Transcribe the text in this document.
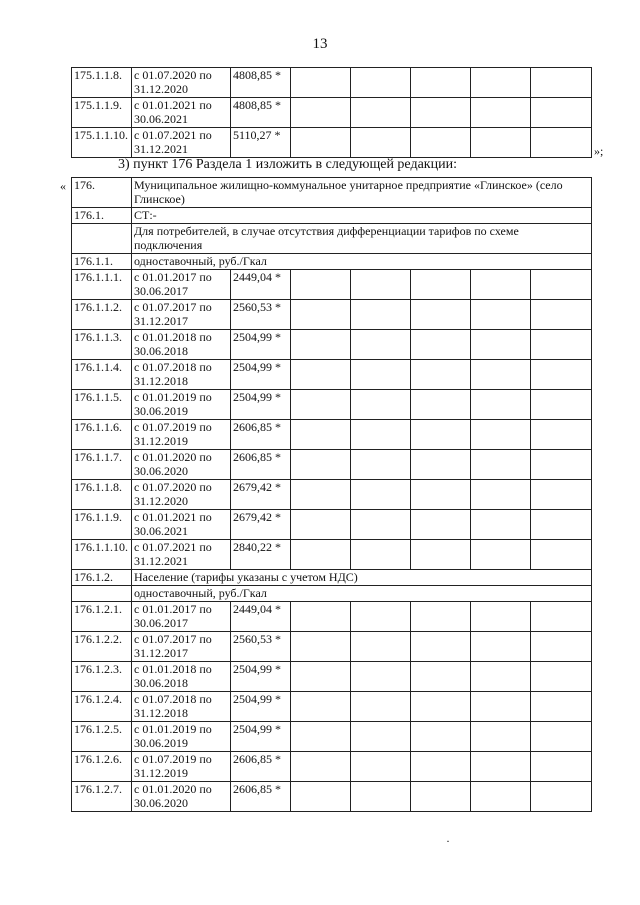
13
175.1.1.8.	с 01.07.2020 по 31.12.2020	4808,85 *					
175.1.1.9.	с 01.01.2021 по 30.06.2021	4808,85 *					
175.1.1.10.	с 01.07.2021 по 31.12.2021	5110,27 *					
»;
3) пункт 176 Раздела 1 изложить в следующей редакции:
« 176.	Муниципальное жилищно-коммунальное унитарное предприятие «Глинское» (село Глинское)						
176.1.	СТ:-						
	Для потребителей, в случае отсутствия дифференциации тарифов по схеме подключения						
176.1.1.	одноставочный, руб./Гкал						
176.1.1.1.	с 01.01.2017 по 30.06.2017	2449,04 *					
176.1.1.2.	с 01.07.2017 по 31.12.2017	2560,53 *					
176.1.1.3.	с 01.01.2018 по 30.06.2018	2504,99 *					
176.1.1.4.	с 01.07.2018 по 31.12.2018	2504,99 *					
176.1.1.5.	с 01.01.2019 по 30.06.2019	2504,99 *					
176.1.1.6.	с 01.07.2019 по 31.12.2019	2606,85 *					
176.1.1.7.	с 01.01.2020 по 30.06.2020	2606,85 *					
176.1.1.8.	с 01.07.2020 по 31.12.2020	2679,42 *					
176.1.1.9.	с 01.01.2021 по 30.06.2021	2679,42 *					
176.1.1.10.	с 01.07.2021 по 31.12.2021	2840,22 *					
176.1.2.	Население (тарифы указаны с учетом НДС)						
	одноставочный, руб./Гкал						
176.1.2.1.	с 01.01.2017 по 30.06.2017	2449,04 *					
176.1.2.2.	с 01.07.2017 по 31.12.2017	2560,53 *					
176.1.2.3.	с 01.01.2018 по 30.06.2018	2504,99 *					
176.1.2.4.	с 01.07.2018 по 31.12.2018	2504,99 *					
176.1.2.5.	с 01.01.2019 по 30.06.2019	2504,99 *					
176.1.2.6.	с 01.07.2019 по 31.12.2019	2606,85 *					
176.1.2.7.	с 01.01.2020 по 30.06.2020	2606,85 *					
·
